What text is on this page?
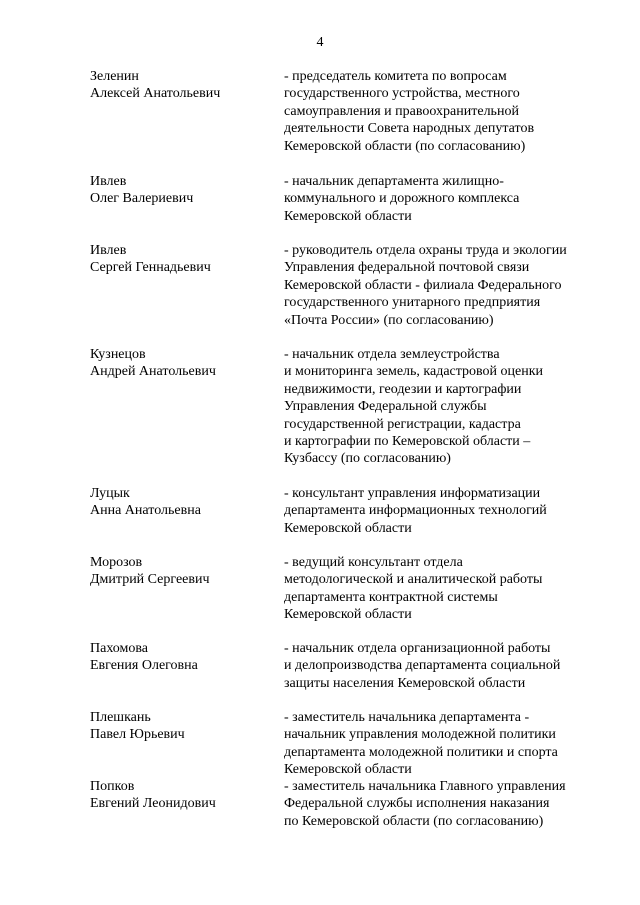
4
Зеленин
Алексей Анатольевич
- председатель комитета по вопросам
государственного устройства, местного
самоуправления и правоохранительной
деятельности Совета народных депутатов
Кемеровской области (по согласованию)
Ивлев
Олег Валериевич
- начальник департамента жилищно-
коммунального и дорожного комплекса
Кемеровской области
Ивлев
Сергей Геннадьевич
- руководитель отдела охраны труда и экологии
Управления федеральной почтовой связи
Кемеровской области - филиала Федерального
государственного унитарного предприятия
«Почта России» (по согласованию)
Кузнецов
Андрей Анатольевич
- начальник отдела землеустройства
и мониторинга земель, кадастровой оценки
недвижимости, геодезии и картографии
Управления Федеральной службы
государственной регистрации, кадастра
и картографии по Кемеровской области –
Кузбассу (по согласованию)
Луцык
Анна Анатольевна
- консультант управления информатизации
департамента информационных технологий
Кемеровской области
Морозов
Дмитрий Сергеевич
- ведущий консультант отдела
методологической и аналитической работы
департамента контрактной системы
Кемеровской области
Пахомова
Евгения Олеговна
- начальник отдела организационной работы
и делопроизводства департамента социальной
защиты населения Кемеровской области
Плешкань
Павел Юрьевич
- заместитель начальника департамента -
начальник управления молодежной политики
департамента молодежной политики и спорта
Кемеровской области
Попков
Евгений Леонидович
- заместитель начальника Главного управления
Федеральной службы исполнения наказания
по Кемеровской области (по согласованию)
